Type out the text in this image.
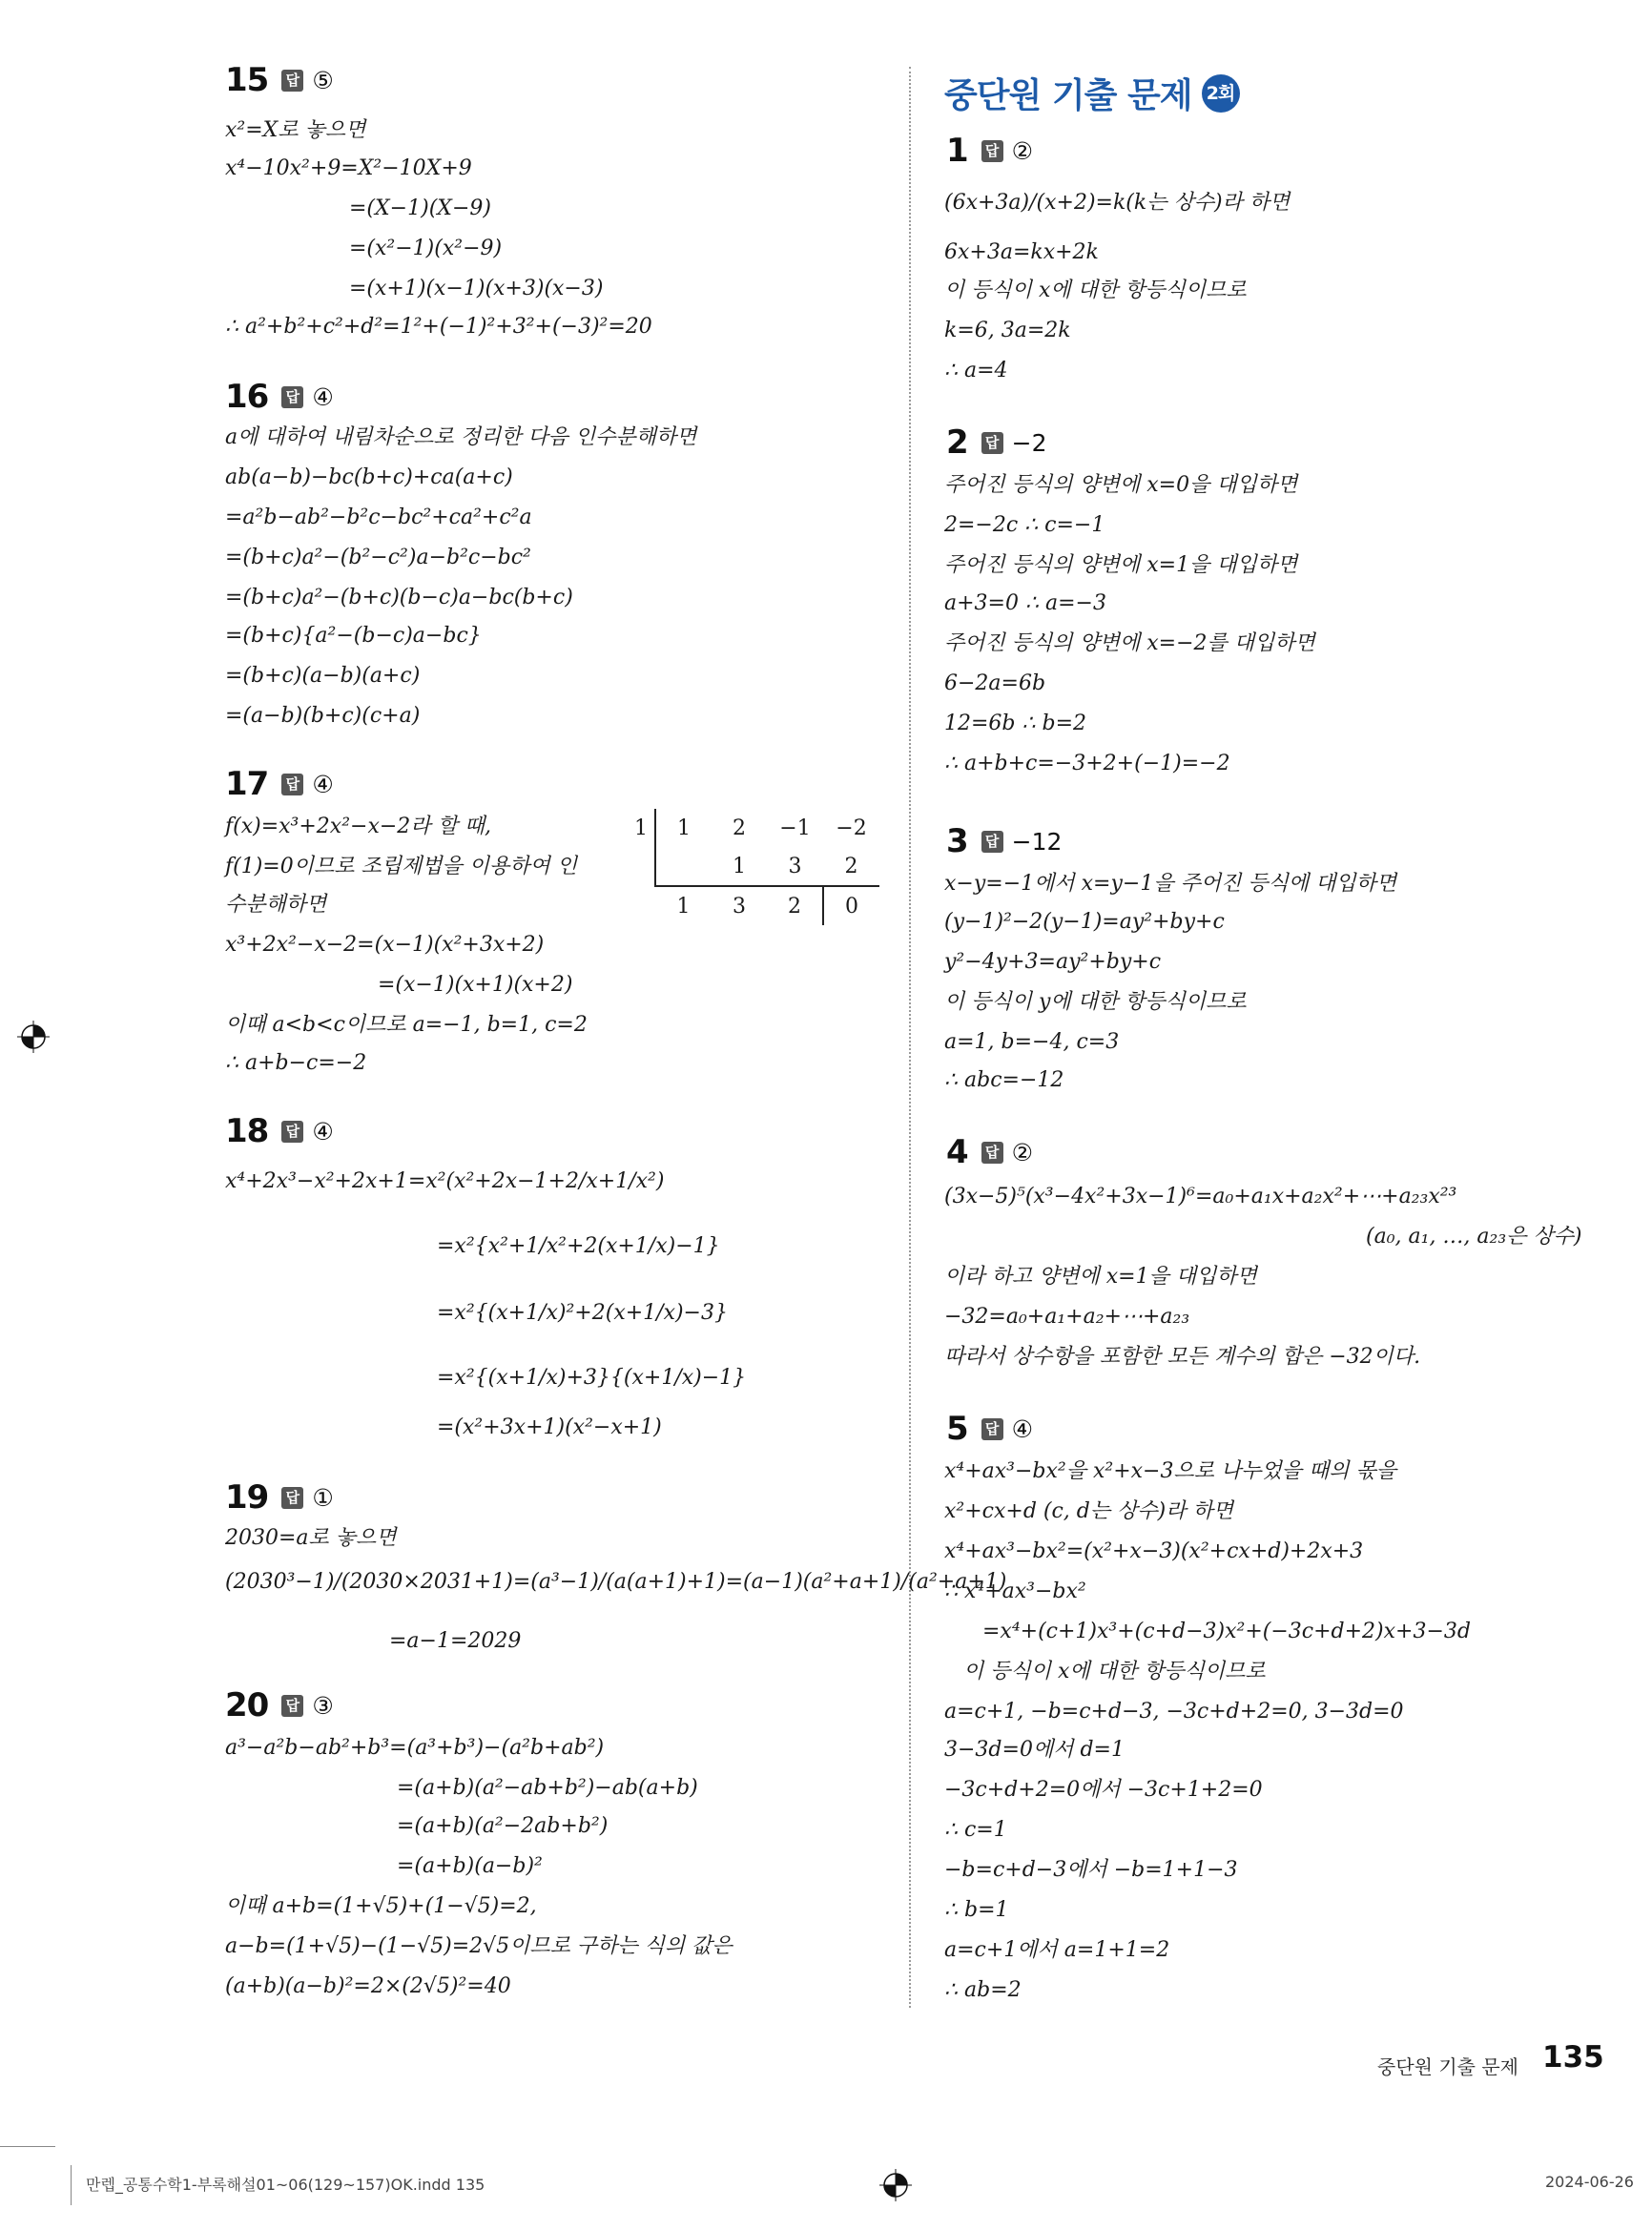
중단원 기출 문제 2회
15 답 ⑤
x²=X로 놓으면
x⁴−10x²+9=X²−10X+9
=(X−1)(X−9)
=(x²−1)(x²−9)
=(x+1)(x−1)(x+3)(x−3)
∴ a²+b²+c²+d²=1²+(−1)²+3²+(−3)²=20
16 답 ④
a에 대하여 내림차순으로 정리한 다음 인수분해하면
ab(a−b)−bc(b+c)+ca(a+c)
=a²b−ab²−b²c−bc²+ca²+c²a
=(b+c)a²−(b²−c²)a−b²c−bc²
=(b+c)a²−(b+c)(b−c)a−bc(b+c)
=(b+c){a²−(b−c)a−bc}
=(b+c)(a−b)(a+c)
=(a−b)(b+c)(c+a)
17 답 ④
f(x)=x³+2x²−x−2라 할 때,
f(1)=0이므로 조립제법을 이용하여 인
수분해하면
x³+2x²−x−2=(x−1)(x²+3x+2)
=(x−1)(x+1)(x+2)
이때 a<b<c이므로 a=−1, b=1, c=2
∴ a+b−c=−2
1	1	2	−1	−2
		1	3	2
	1	3	2	0
18 답 ④
x⁴+2x³−x²+2x+1=x²(x²+2x−1+2/x+1/x²)
=x²{x²+1/x²+2(x+1/x)−1}
=x²{(x+1/x)²+2(x+1/x)−3}
=x²{(x+1/x)+3}{(x+1/x)−1}
=(x²+3x+1)(x²−x+1)
19 답 ①
2030=a로 놓으면
(2030³−1)/(2030×2031+1)=(a³−1)/(a(a+1)+1)=(a−1)(a²+a+1)/(a²+a+1)
=a−1=2029
20 답 ③
a³−a²b−ab²+b³=(a³+b³)−(a²b+ab²)
=(a+b)(a²−ab+b²)−ab(a+b)
=(a+b)(a²−2ab+b²)
=(a+b)(a−b)²
이때 a+b=(1+√5)+(1−√5)=2,
a−b=(1+√5)−(1−√5)=2√5이므로 구하는 식의 값은
(a+b)(a−b)²=2×(2√5)²=40
1 답 ②
(6x+3a)/(x+2)=k(k는 상수)라 하면
6x+3a=kx+2k
이 등식이 x에 대한 항등식이므로
k=6, 3a=2k
∴ a=4
2 답 −2
주어진 등식의 양변에 x=0을 대입하면
2=−2c ∴ c=−1
주어진 등식의 양변에 x=1을 대입하면
a+3=0 ∴ a=−3
주어진 등식의 양변에 x=−2를 대입하면
6−2a=6b
12=6b ∴ b=2
∴ a+b+c=−3+2+(−1)=−2
3 답 −12
x−y=−1에서 x=y−1을 주어진 등식에 대입하면
(y−1)²−2(y−1)=ay²+by+c
y²−4y+3=ay²+by+c
이 등식이 y에 대한 항등식이므로
a=1, b=−4, c=3
∴ abc=−12
4 답 ②
(3x−5)⁵(x³−4x²+3x−1)⁶=a₀+a₁x+a₂x²+⋯+a₂₃x²³
(a₀, a₁, …, a₂₃은 상수)
이라 하고 양변에 x=1을 대입하면
−32=a₀+a₁+a₂+⋯+a₂₃
따라서 상수항을 포함한 모든 계수의 합은 −32이다.
5 답 ④
x⁴+ax³−bx²을 x²+x−3으로 나누었을 때의 몫을
x²+cx+d (c, d는 상수)라 하면
x⁴+ax³−bx²=(x²+x−3)(x²+cx+d)+2x+3
∴ x⁴+ax³−bx²
=x⁴+(c+1)x³+(c+d−3)x²+(−3c+d+2)x+3−3d
이 등식이 x에 대한 항등식이므로
a=c+1, −b=c+d−3, −3c+d+2=0, 3−3d=0
3−3d=0에서 d=1
−3c+d+2=0에서 −3c+1+2=0
∴ c=1
−b=c+d−3에서 −b=1+1−3
∴ b=1
a=c+1에서 a=1+1=2
∴ ab=2
중단원 기출 문제 135
만렙_공통수학1-부록해설01~06(129~157)OK.indd 135	2024-06-26
